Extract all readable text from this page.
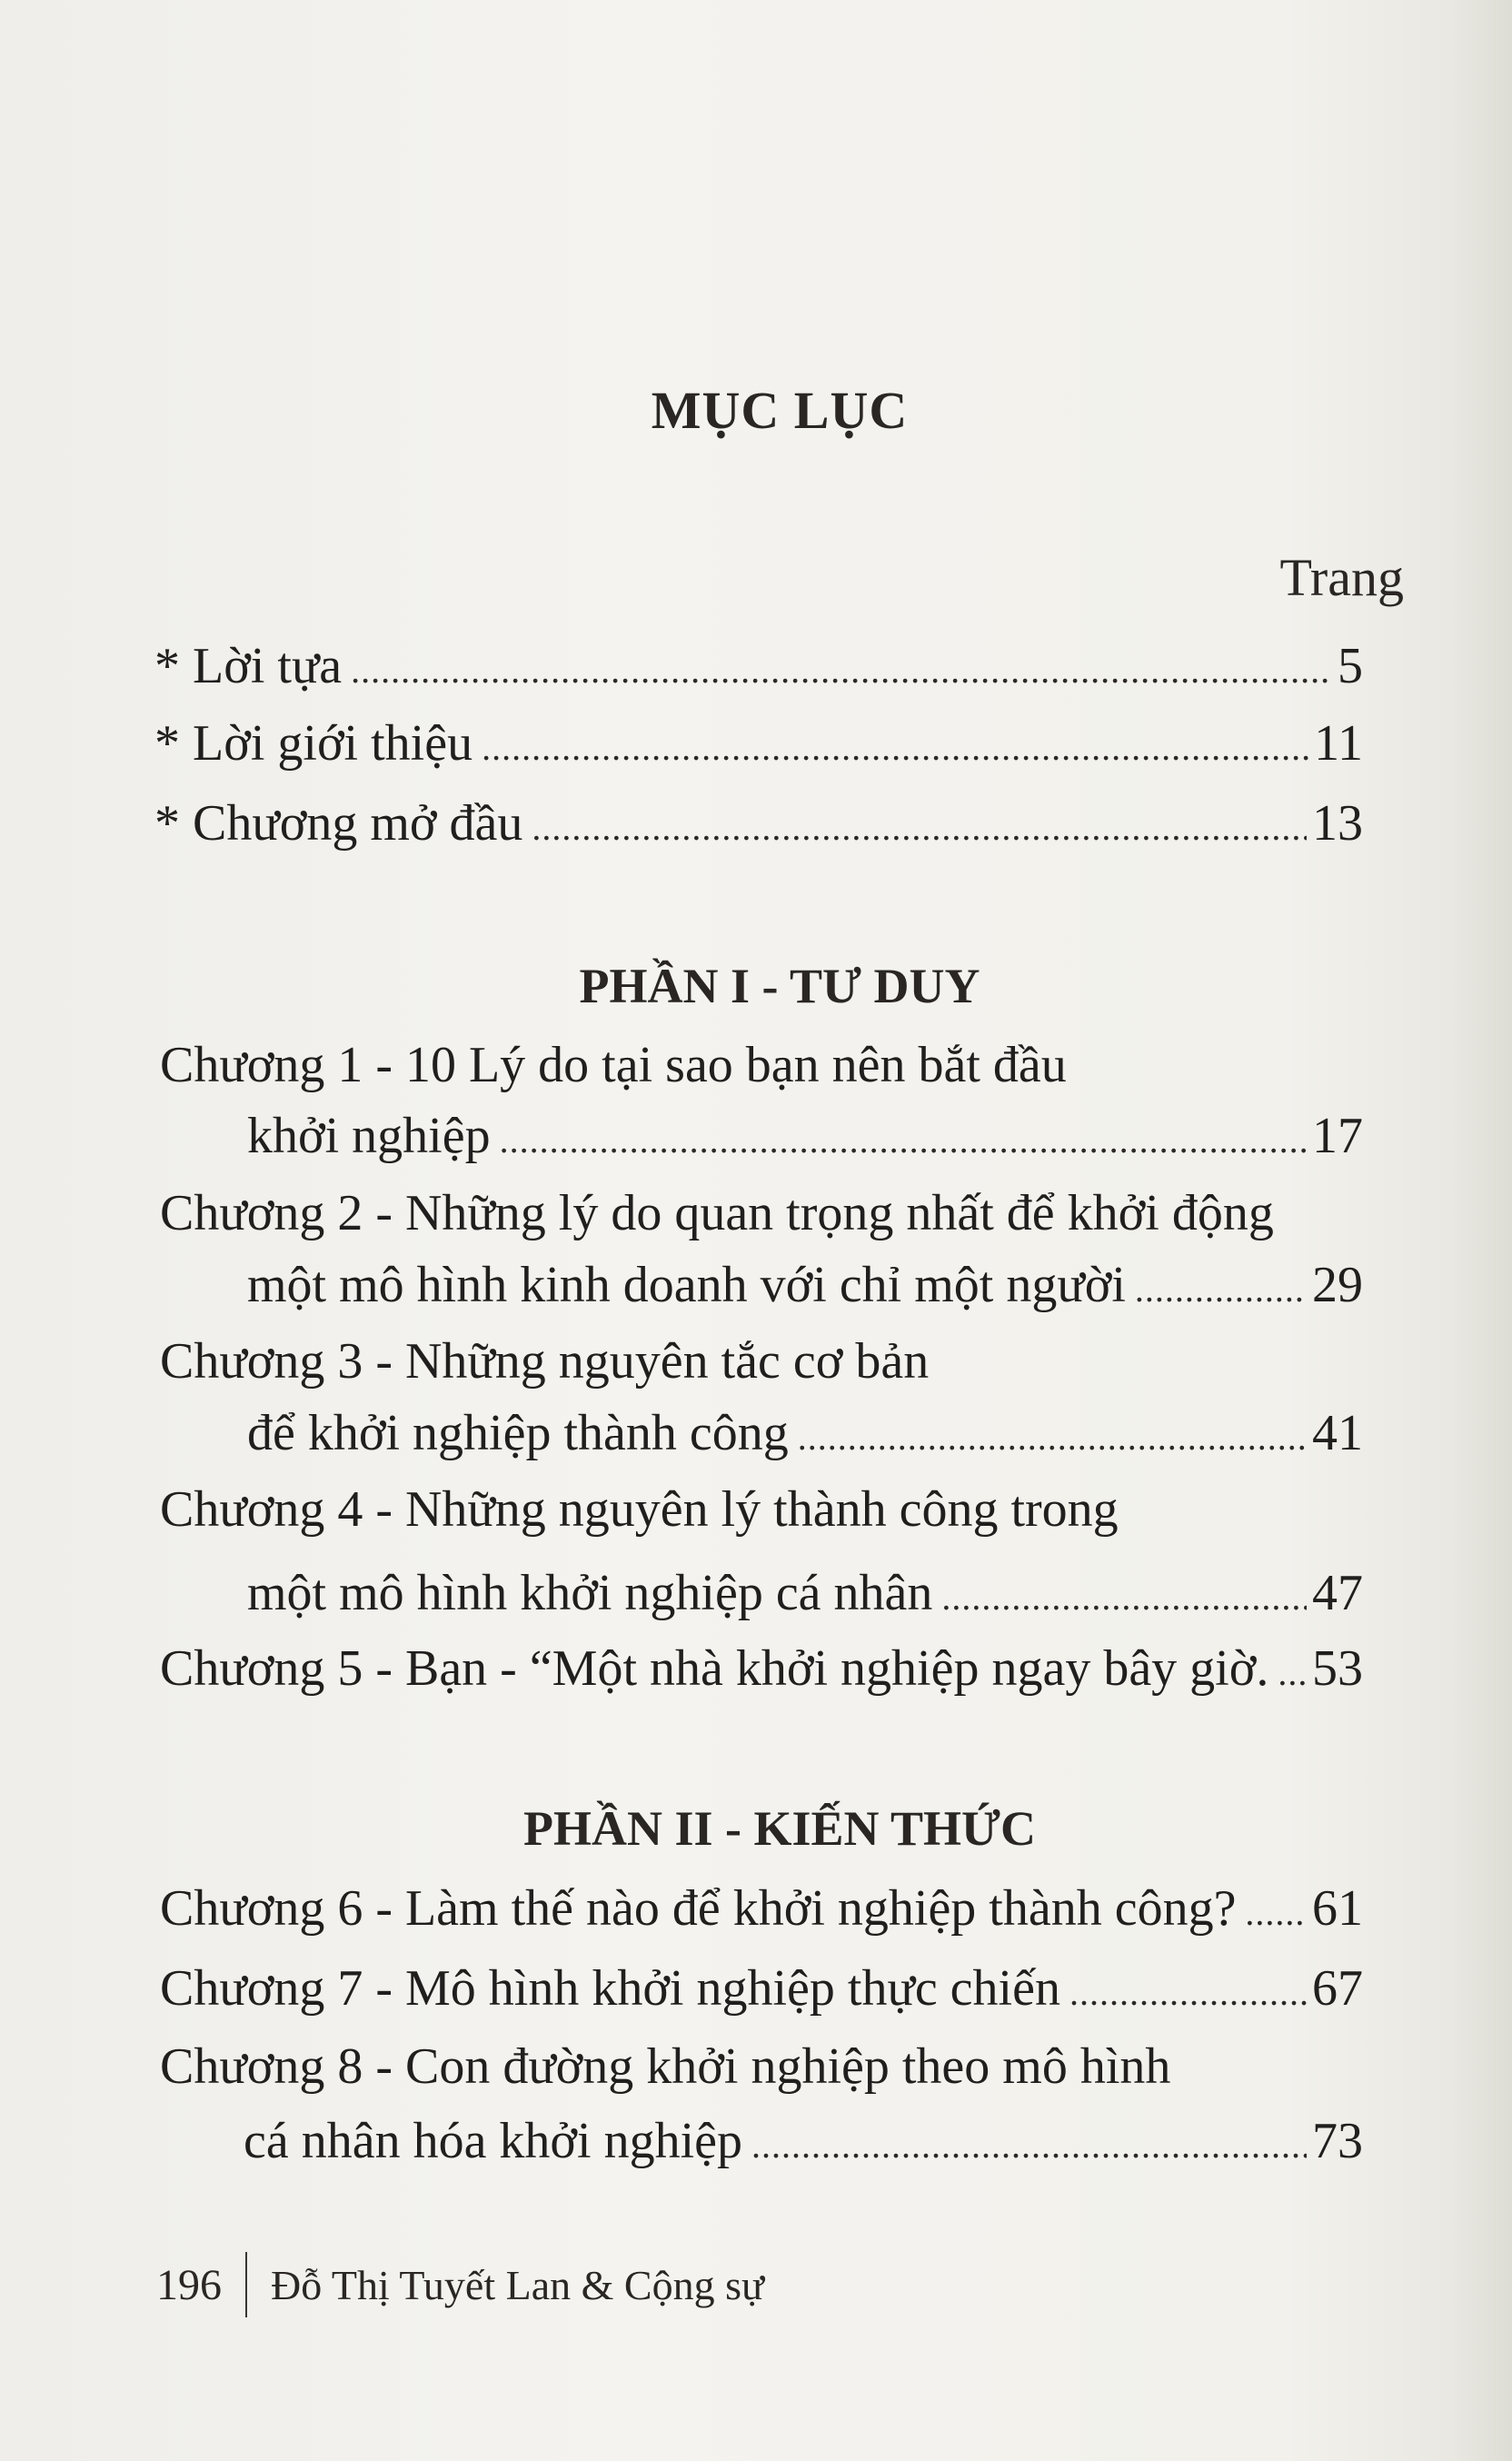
MỤC LỤC
Trang
* Lời tựa .....	5
* Lời giới thiệu .....	11
* Chương mở đầu .....	13
PHẦN I - TƯ DUY
Chương 1 - 10 Lý do tại sao bạn nên bắt đầu
khởi nghiệp .....	17
Chương 2 - Những lý do quan trọng nhất để khởi động
một mô hình kinh doanh với chỉ một người .....	29
Chương 3 - Những nguyên tắc cơ bản
để khởi nghiệp thành công .....	41
Chương 4 - Những nguyên lý thành công trong
một mô hình khởi nghiệp cá nhân .....	47
Chương 5 - Bạn - “Một nhà khởi nghiệp ngay bây giờ. ..... 53
PHẦN II - KIẾN THỨC
Chương 6 - Làm thế nào để khởi nghiệp thành công? ..... 61
Chương 7 - Mô hình khởi nghiệp thực chiến .....	67
Chương 8 - Con đường khởi nghiệp theo mô hình
cá nhân hóa khởi nghiệp .....	73
196 Đỗ Thị Tuyết Lan & Cộng sự
